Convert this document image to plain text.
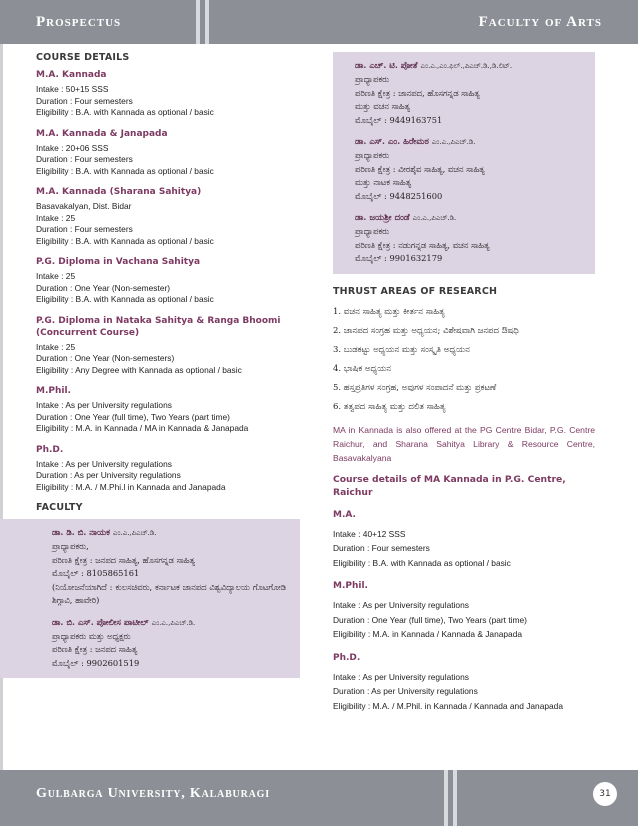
Prospectus	Faculty of Arts
COURSE DETAILS
M.A. Kannada
Intake : 50+15 SSS
Duration : Four semesters
Eligibility : B.A. with Kannada as optional / basic
M.A. Kannada & Janapada
Intake : 20+06 SSS
Duration : Four semesters
Eligibility : B.A. with Kannada as optional / basic
M.A. Kannada (Sharana Sahitya)
Basavakalyan, Dist. Bidar
Intake : 25
Duration : Four semesters
Eligibility : B.A. with Kannada as optional / basic
P.G. Diploma in Vachana Sahitya
Intake : 25
Duration : One Year (Non-semester)
Eligibility : B.A. with Kannada as optional / basic
P.G. Diploma in Nataka Sahitya & Ranga Bhoomi (Concurrent Course)
Intake : 25
Duration : One Year (Non-semesters)
Eligibility : Any Degree with Kannada as optional / basic
M.Phil.
Intake : As per University regulations
Duration : One Year (full time), Two Years (part time)
Eligibility : M.A. in Kannada / MA in Kannada & Janapada
Ph.D.
Intake : As per University regulations
Duration : As per University regulations
Eligibility : M.A. / M.Phi.l in Kannada and Janapada
FACULTY
ಡಾ. ಡಿ. ಬಿ. ನಾಯಕ ಎಂ.ಎ.,ಪಿಎಚ್.ಡಿ.
ಪ್ರಾಧ್ಯಾಪಕರು,
ಪರಿಣತಿ ಕ್ಷೇತ್ರ : ಜನಪದ ಸಾಹಿತ್ಯ, ಹೊಸಗನ್ನಡ ಸಾಹಿತ್ಯ
ಮೊಬೈಲ್ : 8105865161
(ನಿಯೋಜನೆಯಾಗಿದೆ : ಕುಲಸಚಿವರು, ಕರ್ನಾಟಕ ಜಾನಪದ ವಿಶ್ವವಿದ್ಯಾಲಯ ಗೊಟಗೋಡಿ ಶಿಗ್ಗಾವಿ, ಹಾವೇರಿ)
ಡಾ. ಬಿ. ಎಸ್. ಪೋಲೀಸ ಪಾಟೀಲ್ ಎಂ.ಎ.,ಪಿಎಚ್.ಡಿ.
ಪ್ರಾಧ್ಯಾಪಕರು ಮತ್ತು ಅಧ್ಯಕ್ಷರು
ಪರಿಣತಿ ಕ್ಷೇತ್ರ : ಜನಪದ ಸಾಹಿತ್ಯ
ಮೊಬೈಲ್ : 9902601519
ಡಾ. ಎಚ್. ಟಿ. ಪೋತೆ ಎಂ.ಎ.,ಎಂ.ಫಿಲ್.,ಪಿಎಚ್.ಡಿ.,ಡಿ.ಲಿಟ್.
ಪ್ರಾಧ್ಯಾಪಕರು
ಪರಿಣತಿ ಕ್ಷೇತ್ರ : ಜಾನಪದ, ಹೊಸಗನ್ನಡ ಸಾಹಿತ್ಯ
ಮತ್ತು ವಚನ ಸಾಹಿತ್ಯ
ಮೊಬೈಲ್ : 9449163751
ಡಾ. ಎಸ್. ಎಂ. ಹಿರೇಮಠ ಎಂ.ಎ.,ಪಿಎಚ್.ಡಿ.
ಪ್ರಾಧ್ಯಾಪಕರು
ಪರಿಣತಿ ಕ್ಷೇತ್ರ : ವೀರಶೈವ ಸಾಹಿತ್ಯ, ವಚನ ಸಾಹಿತ್ಯ
ಮತ್ತು ನಾಟಕ ಸಾಹಿತ್ಯ
ಮೊಬೈಲ್ : 9448251600
ಡಾ. ಜಯಶ್ರೀ ದಂಡೆ ಎಂ.ಎ.,ಪಿಎಚ್.ಡಿ.
ಪ್ರಾಧ್ಯಾಪಕರು
ಪರಿಣತಿ ಕ್ಷೇತ್ರ : ನಡುಗನ್ನಡ ಸಾಹಿತ್ಯ, ವಚನ ಸಾಹಿತ್ಯ
ಮೊಬೈಲ್ : 9901632179
THRUST AREAS OF RESEARCH
1. ವಚನ ಸಾಹಿತ್ಯ ಮತ್ತು ಕೀರ್ತನ ಸಾಹಿತ್ಯ
2. ಜಾನಪದ ಸಂಗ್ರಹ ಮತ್ತು ಅಧ್ಯಯನ; ವಿಶೇಷವಾಗಿ ಜನಪದ ಔಷಧಿ
3. ಬುಡಕಟ್ಟು ಅಧ್ಯಯನ ಮತ್ತು ಸಂಸ್ಕೃತಿ ಅಧ್ಯಯನ
4. ಭಾಷಿಕ ಅಧ್ಯಯನ
5. ಹಸ್ತಪ್ರತಿಗಳ ಸಂಗ್ರಹ, ಅವುಗಳ ಸಂಪಾದನೆ ಮತ್ತು ಪ್ರಕಟಣೆ
6. ತತ್ವಪದ ಸಾಹಿತ್ಯ ಮತ್ತು ದಲಿತ ಸಾಹಿತ್ಯ
MA in Kannada is also offered at the PG Centre Bidar, P.G. Centre Raichur, and Sharana Sahitya Library & Resource Centre, Basavakalyana
Course details of MA Kannada in P.G. Centre, Raichur
M.A.
Intake : 40+12 SSS
Duration : Four semesters
Eligibility : B.A. with Kannada as optional / basic
M.Phil.
Intake : As per University regulations
Duration : One Year (full time), Two Years (part time)
Eligibility : M.A. in Kannada / Kannada & Janapada
Ph.D.
Intake : As per University regulations
Duration : As per University regulations
Eligibility : M.A. / M.Phil. in Kannada / Kannada and Janapada
Gulbarga University, Kalaburagi	31
